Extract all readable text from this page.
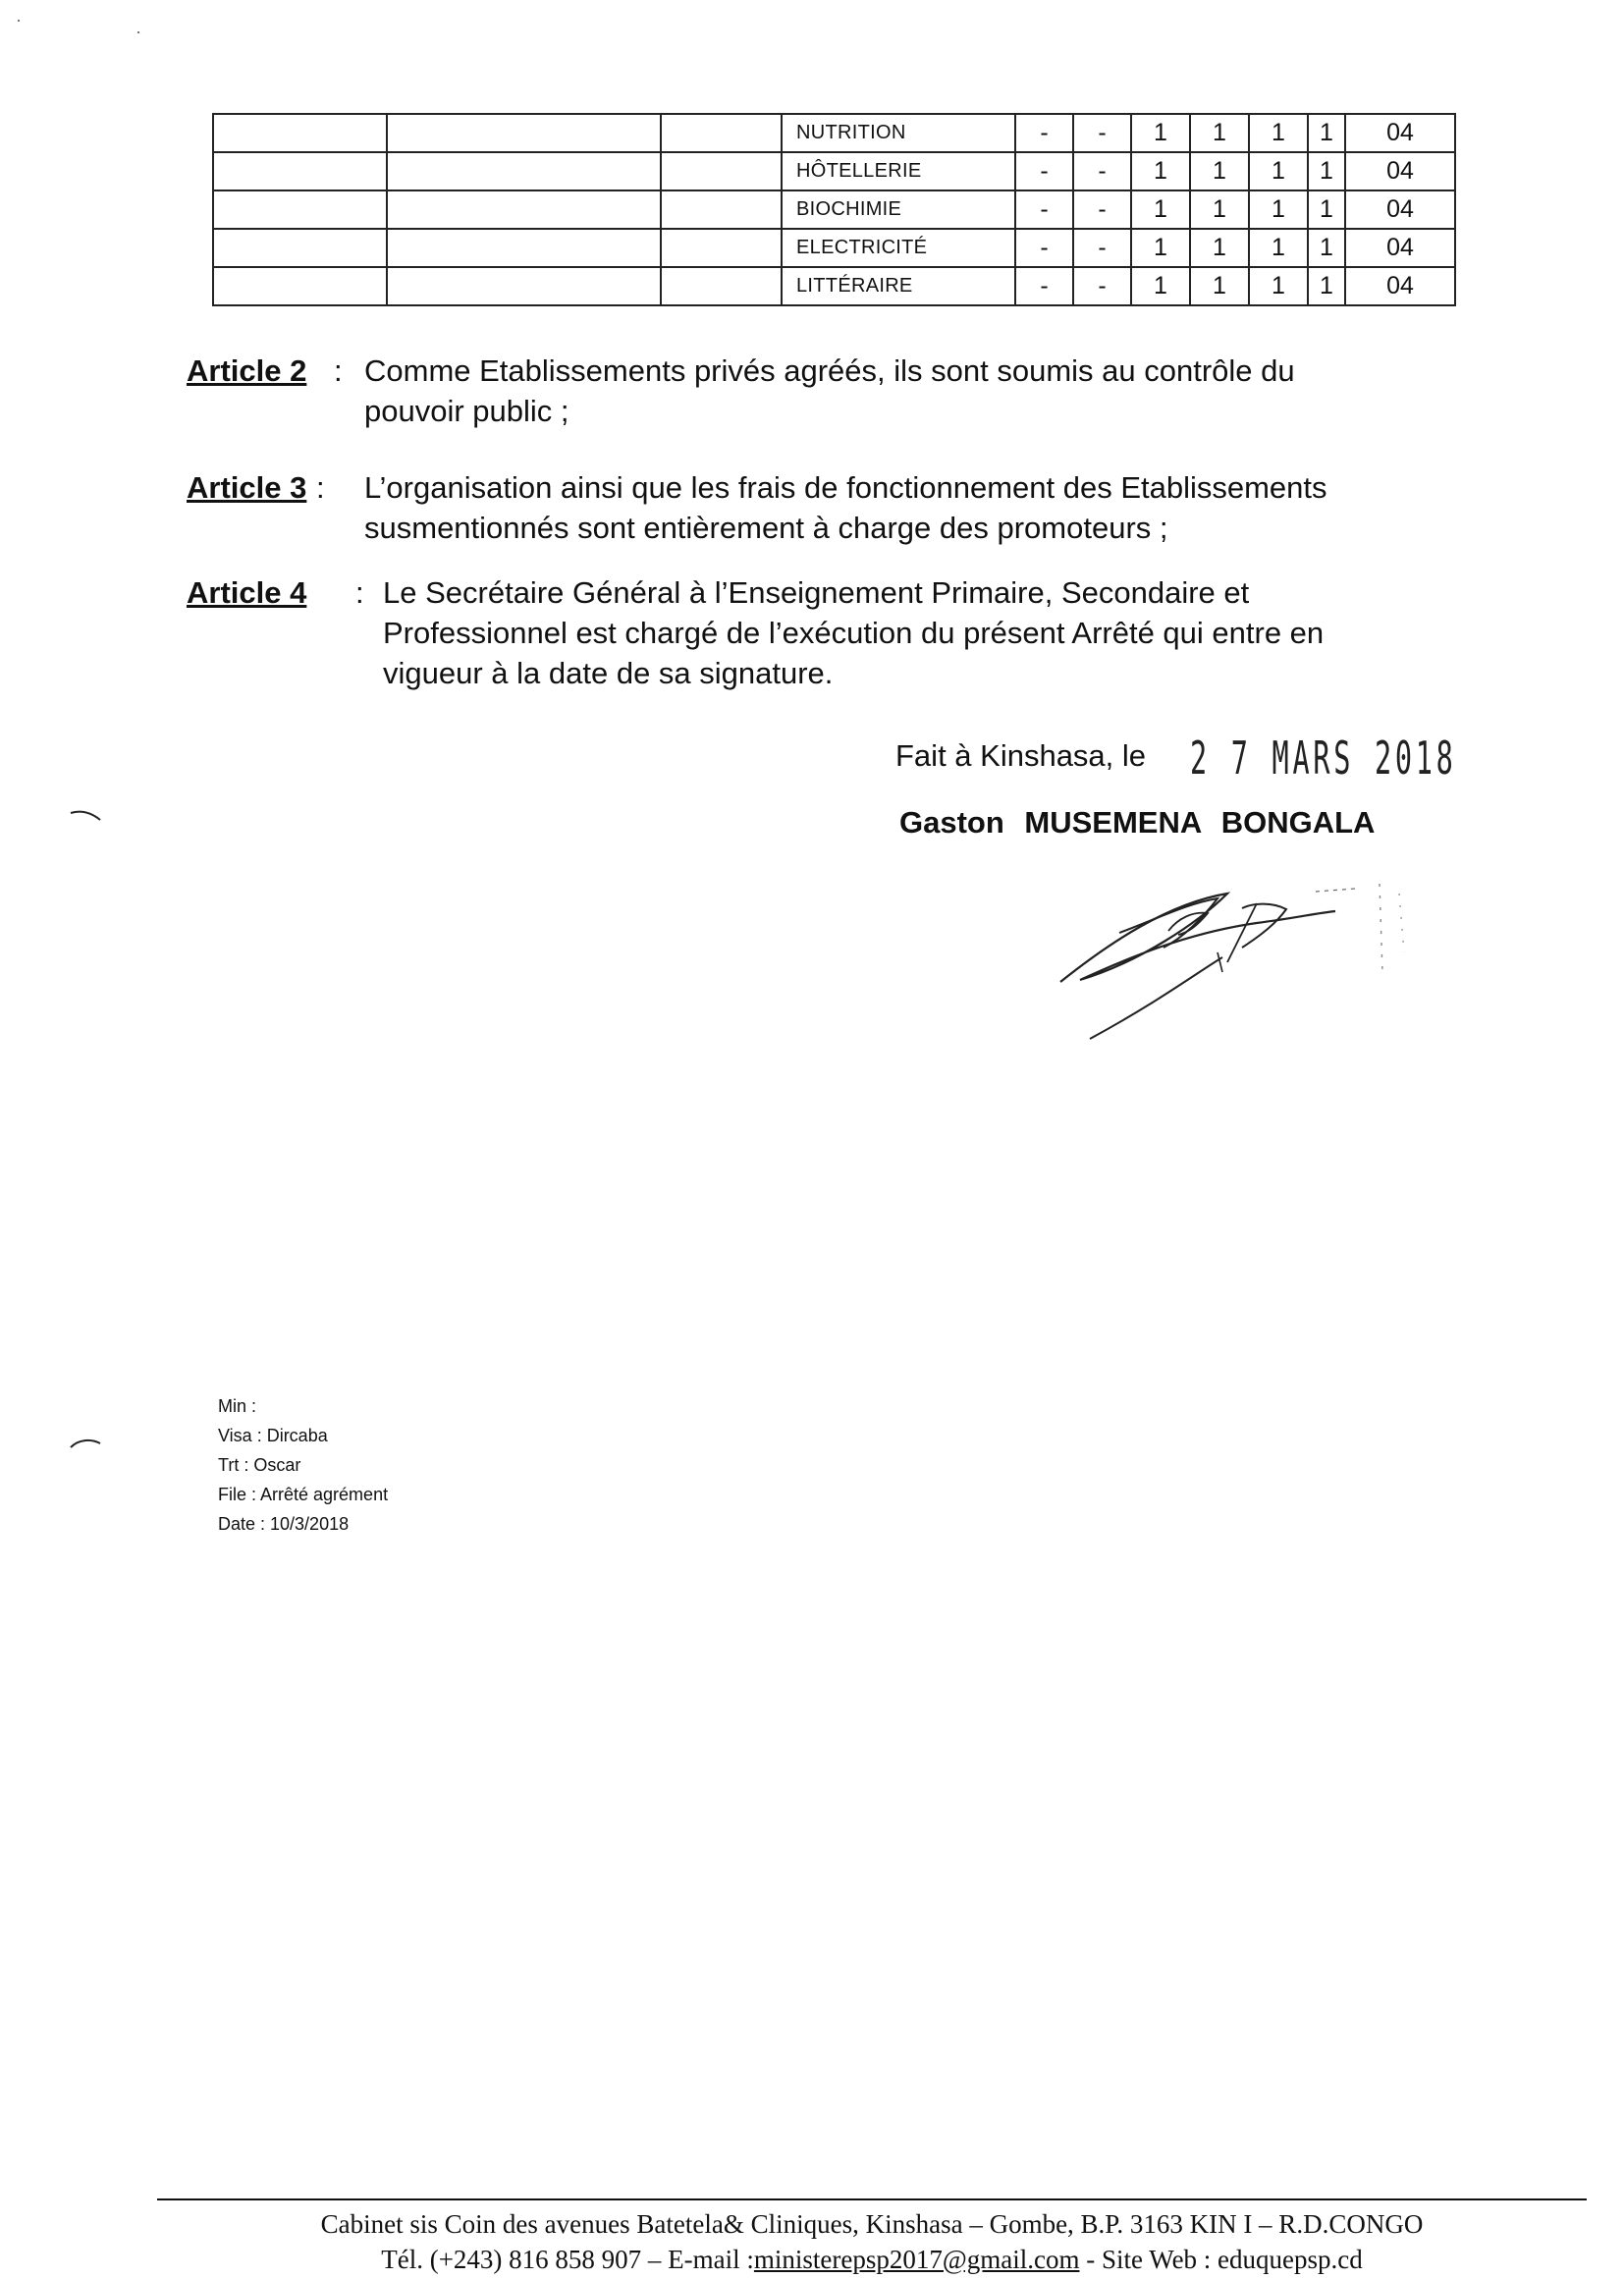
			NUTRITION	-	-	1	1	1	1	04
			HÔTELLERIE	-	-	1	1	1	1	04
			BIOCHIMIE	-	-	1	1	1	1	04
			ELECTRICITÉ	-	-	1	1	1	1	04
			LITTÉRAIRE	-	-	1	1	1	1	04
Article 2 : Comme Etablissements privés agréés, ils sont soumis au contrôle du
pouvoir public ;
Article 3 : L’organisation ainsi que les frais de fonctionnement des Etablissements
susmentionnés sont entièrement à charge des promoteurs ;
Article 4 : Le Secrétaire Général à l’Enseignement Primaire, Secondaire et
Professionnel est chargé de l’exécution du présent Arrêté qui entre en
vigueur à la date de sa signature.
Fait à Kinshasa, le 2 7 MARS 2018
Gaston MUSEMENA BONGALA
Min :
Visa : Dircaba
Trt : Oscar
File : Arrêté agrément
Date : 10/3/2018
Cabinet sis Coin des avenues Batetela& Cliniques, Kinshasa – Gombe, B.P. 3163 KIN I – R.D.CONGO
Tél. (+243) 816 858 907 – E-mail :ministerepsp2017@gmail.com - Site Web : eduquepsp.cd
